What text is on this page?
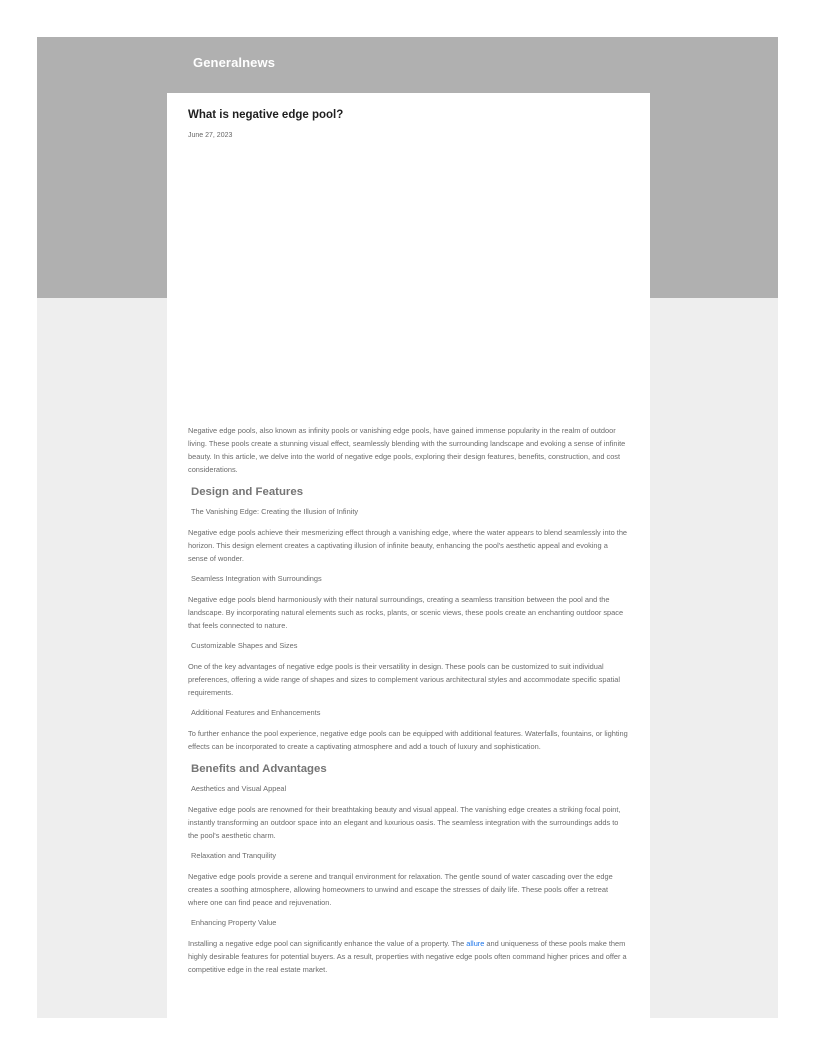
Generalnews
What is negative edge pool?
June 27, 2023

Negative edge pools, also known as infinity pools or vanishing edge pools, have gained immense popularity in the realm of outdoor living. These pools create a stunning visual effect, seamlessly blending with the surrounding landscape and evoking a sense of infinite beauty. In this article, we delve into the world of negative edge pools, exploring their design features, benefits, construction, and cost considerations.

Design and Features
The Vanishing Edge: Creating the Illusion of Infinity

Negative edge pools achieve their mesmerizing effect through a vanishing edge, where the water appears to blend seamlessly into the horizon. This design element creates a captivating illusion of infinite beauty, enhancing the pool's aesthetic appeal and evoking a sense of wonder.

Seamless Integration with Surroundings

Negative edge pools blend harmoniously with their natural surroundings, creating a seamless transition between the pool and the landscape. By incorporating natural elements such as rocks, plants, or scenic views, these pools create an enchanting outdoor space that feels connected to nature.

Customizable Shapes and Sizes

One of the key advantages of negative edge pools is their versatility in design. These pools can be customized to suit individual preferences, offering a wide range of shapes and sizes to complement various architectural styles and accommodate specific spatial requirements.

Additional Features and Enhancements

To further enhance the pool experience, negative edge pools can be equipped with additional features. Waterfalls, fountains, or lighting effects can be incorporated to create a captivating atmosphere and add a touch of luxury and sophistication.

Benefits and Advantages
Aesthetics and Visual Appeal

Negative edge pools are renowned for their breathtaking beauty and visual appeal. The vanishing edge creates a striking focal point, instantly transforming an outdoor space into an elegant and luxurious oasis. The seamless integration with the surroundings adds to the pool's aesthetic charm.

Relaxation and Tranquility

Negative edge pools provide a serene and tranquil environment for relaxation. The gentle sound of water cascading over the edge creates a soothing atmosphere, allowing homeowners to unwind and escape the stresses of daily life. These pools offer a retreat where one can find peace and rejuvenation.

Enhancing Property Value

Installing a negative edge pool can significantly enhance the value of a property. The allure and uniqueness of these pools make them highly desirable features for potential buyers. As a result, properties with negative edge pools often command higher prices and offer a competitive edge in the real estate market.
